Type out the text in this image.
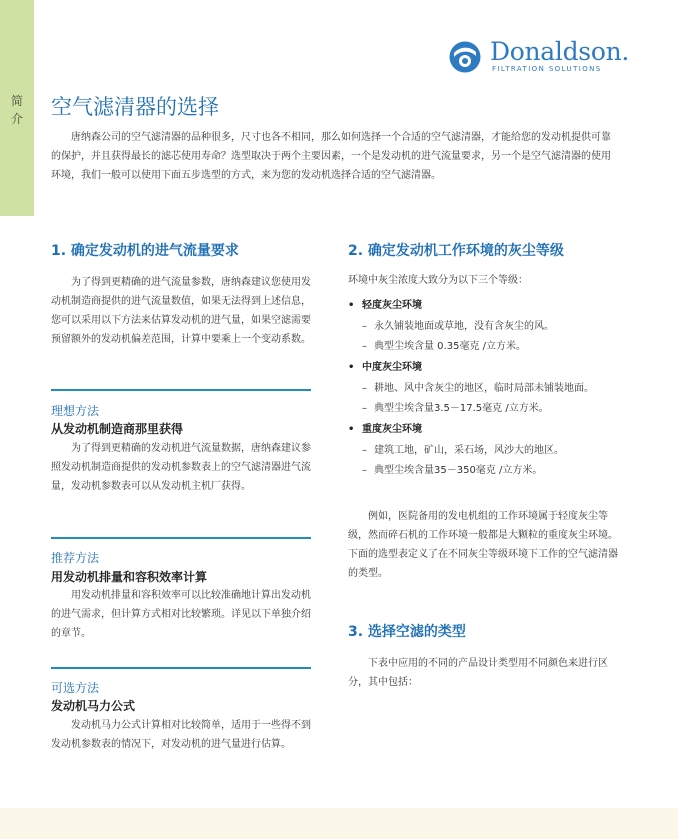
简介
Donaldson.
FILTRATION SOLUTIONS
空气滤清器的选择

唐纳森公司的空气滤清器的品种很多，尺寸也各不相同，那么如何选择一个合适的空气滤清器，才能给您的发动机提供可靠的保护，并且获得最长的滤芯使用寿命？选型取决于两个主要因素，一个是发动机的进气流量要求，另一个是空气滤清器的使用环境，我们一般可以使用下面五步选型的方式，来为您的发动机选择合适的空气滤清器。

1. 确定发动机的进气流量要求

为了得到更精确的进气流量参数，唐纳森建议您使用发动机制造商提供的进气流量数值，如果无法得到上述信息，您可以采用以下方法来估算发动机的进气量，如果空滤需要预留额外的发动机偏差范围，计算中要乘上一个变动系数。

理想方法
从发动机制造商那里获得

为了得到更精确的发动机进气流量数据，唐纳森建议参照发动机制造商提供的发动机参数表上的空气滤清器进气流量，发动机参数表可以从发动机主机厂获得。

推荐方法
用发动机排量和容积效率计算

用发动机排量和容积效率可以比较准确地计算出发动机的进气需求，但计算方式相对比较繁琐。详见以下单独介绍的章节。

可选方法
发动机马力公式

发动机马力公式计算相对比较简单，适用于一些得不到发动机参数表的情况下，对发动机的进气量进行估算。

2. 确定发动机工作环境的灰尘等级

环境中灰尘浓度大致分为以下三个等级：

• 轻度灰尘环境
– 永久铺装地面或草地，没有含灰尘的风。
– 典型尘埃含量 0.35毫克 /立方米。
• 中度灰尘环境
– 耕地、风中含灰尘的地区，临时局部未铺装地面。
– 典型尘埃含量3.5－17.5毫克 /立方米。
• 重度灰尘环境
– 建筑工地，矿山，采石场，风沙大的地区。
– 典型尘埃含量35－350毫克 /立方米。

例如，医院备用的发电机组的工作环境属于轻度灰尘等级，然而碎石机的工作环境一般都是大颗粒的重度灰尘环境。下面的选型表定义了在不同灰尘等级环境下工作的空气滤清器的类型。

3. 选择空滤的类型

下表中应用的不同的产品设计类型用不同颜色来进行区分，其中包括：
